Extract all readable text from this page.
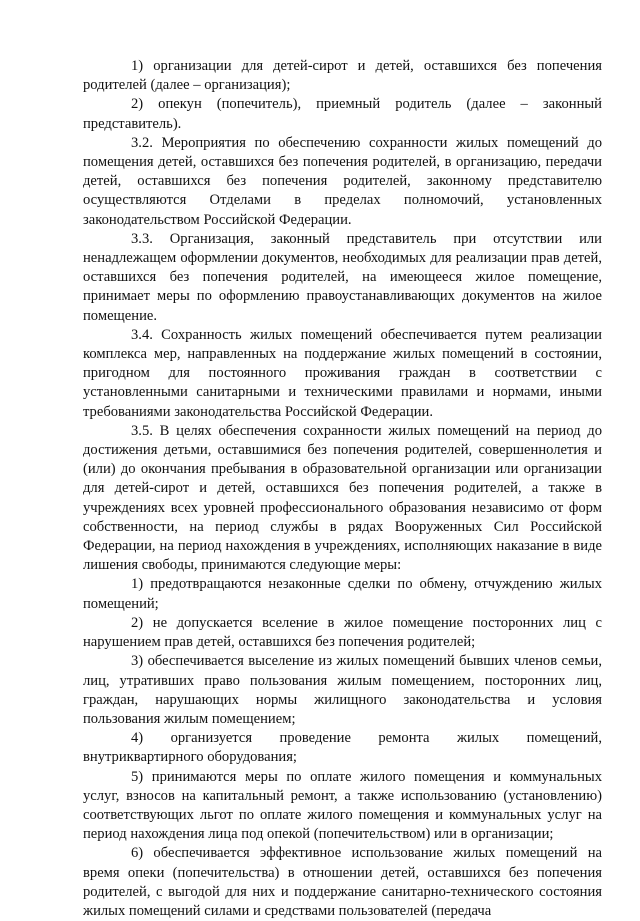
1) организации для детей-сирот и детей, оставшихся без попечения родителей (далее – организация);

2) опекун (попечитель), приемный родитель (далее – законный представитель).

3.2. Мероприятия по обеспечению сохранности жилых помещений до помещения детей, оставшихся без попечения родителей, в организацию, передачи детей, оставшихся без попечения родителей, законному представителю осуществляются Отделами в пределах полномочий, установленных законодательством Российской Федерации.

3.3. Организация, законный представитель при отсутствии или ненадлежащем оформлении документов, необходимых для реализации прав детей, оставшихся без попечения родителей, на имеющееся жилое помещение, принимает меры по оформлению правоустанавливающих документов на жилое помещение.

3.4. Сохранность жилых помещений обеспечивается путем реализации комплекса мер, направленных на поддержание жилых помещений в состоянии, пригодном для постоянного проживания граждан в соответствии с установленными санитарными и техническими правилами и нормами, иными требованиями законодательства Российской Федерации.

3.5. В целях обеспечения сохранности жилых помещений на период до достижения детьми, оставшимися без попечения родителей, совершеннолетия и (или) до окончания пребывания в образовательной организации или организации для детей-сирот и детей, оставшихся без попечения родителей, а также в учреждениях всех уровней профессионального образования независимо от форм собственности, на период службы в рядах Вооруженных Сил Российской Федерации, на период нахождения в учреждениях, исполняющих наказание в виде лишения свободы, принимаются следующие меры:

1) предотвращаются незаконные сделки по обмену, отчуждению жилых помещений;

2) не допускается вселение в жилое помещение посторонних лиц с нарушением прав детей, оставшихся без попечения родителей;

3) обеспечивается выселение из жилых помещений бывших членов семьи, лиц, утративших право пользования жилым помещением, посторонних лиц, граждан, нарушающих нормы жилищного законодательства и условия пользования жилым помещением;

4) организуется проведение ремонта жилых помещений, внутриквартирного оборудования;

5) принимаются меры по оплате жилого помещения и коммунальных услуг, взносов на капитальный ремонт, а также использованию (установлению) соответствующих льгот по оплате жилого помещения и коммунальных услуг на период нахождения лица под опекой (попечительством) или в организации;

6) обеспечивается эффективное использование жилых помещений на время опеки (попечительства) в отношении детей, оставшихся без попечения родителей, с выгодой для них и поддержание санитарно-технического состояния жилых помещений силами и средствами пользователей (передача
